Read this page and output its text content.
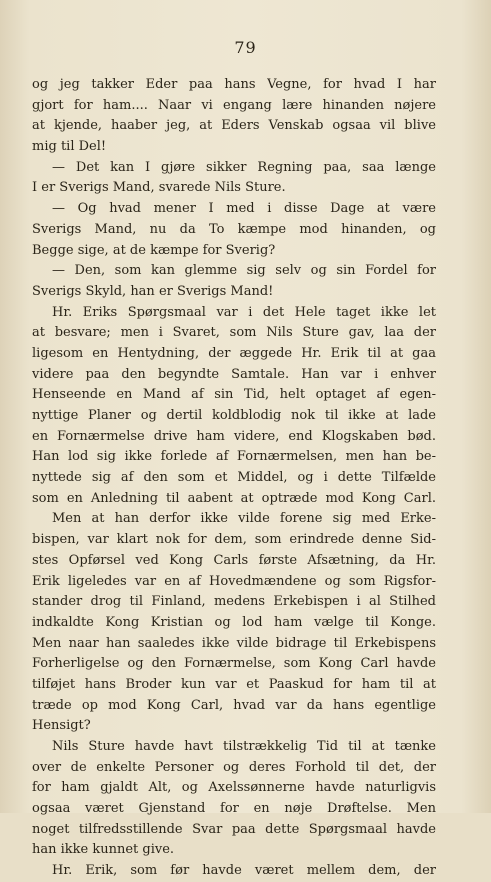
79
og jeg takker Eder paa hans Vegne, for hvad I har
gjort for ham.... Naar vi engang lære hinanden nøjere
at kjende, haaber jeg, at Eders Venskab ogsaa vil blive
mig til Del!
— Det kan I gjøre sikker Regning paa, saa længe
I er Sverigs Mand, svarede Nils Sture.
— Og hvad mener I med i disse Dage at være
Sverigs Mand, nu da To kæmpe mod hinanden, og
Begge sige, at de kæmpe for Sverig?
— Den, som kan glemme sig selv og sin Fordel for
Sverigs Skyld, han er Sverigs Mand!
Hr. Eriks Spørgsmaal var i det Hele taget ikke let
at besvare; men i Svaret, som Nils Sture gav, laa der
ligesom en Hentydning, der æggede Hr. Erik til at gaa
videre paa den begyndte Samtale. Han var i enhver
Henseende en Mand af sin Tid, helt optaget af egen-
nyttige Planer og dertil koldblodig nok til ikke at lade
en Fornærmelse drive ham videre, end Klogskaben bød.
Han lod sig ikke forlede af Fornærmelsen, men han be-
nyttede sig af den som et Middel, og i dette Tilfælde
som en Anledning til aabent at optræde mod Kong Carl.
Men at han derfor ikke vilde forene sig med Erke-
bispen, var klart nok for dem, som erindrede denne Sid-
stes Opførsel ved Kong Carls første Afsætning, da Hr.
Erik ligeledes var en af Hovedmændene og som Rigsfor-
stander drog til Finland, medens Erkebispen i al Stilhed
indkaldte Kong Kristian og lod ham vælge til Konge.
Men naar han saaledes ikke vilde bidrage til Erkebispens
Forherligelse og den Fornærmelse, som Kong Carl havde
tilføjet hans Broder kun var et Paaskud for ham til at
træde op mod Kong Carl, hvad var da hans egentlige
Hensigt?
Nils Sture havde havt tilstrækkelig Tid til at tænke
over de enkelte Personer og deres Forhold til det, der
for ham gjaldt Alt, og Axelssønnerne havde naturligvis
ogsaa været Gjenstand for en nøje Drøftelse. Men
noget tilfredsstillende Svar paa dette Spørgsmaal havde
han ikke kunnet give.
Hr. Erik, som før havde været mellem dem, der
